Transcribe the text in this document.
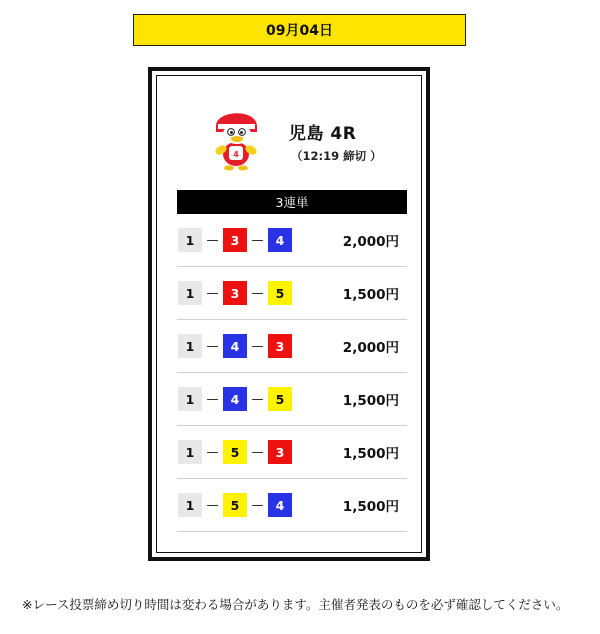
09月04日
4
児島 4R
（12:19 締切 ）
3連単
1	— 3	— 4	2,000円
1	— 3	— 5	1,500円
1	— 4	— 3	2,000円
1	— 4	— 5	1,500円
1	— 5	— 3	1,500円
1	— 5	— 4	1,500円
※レース投票締め切り時間は変わる場合があります。主催者発表のものを必ず確認してください。
